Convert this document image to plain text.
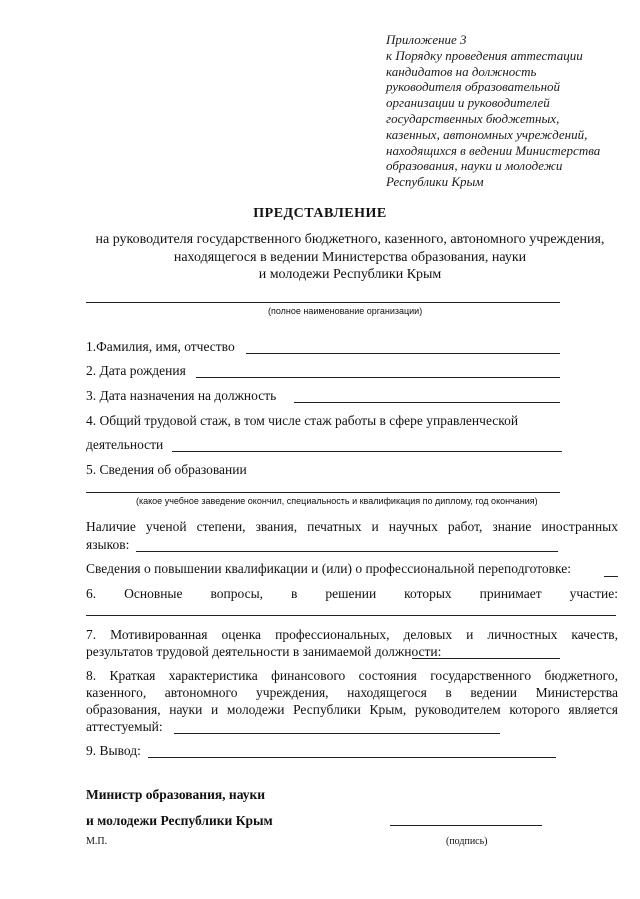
Приложение 3
к Порядку проведения аттестации
кандидатов на должность
руководителя образовательной
организации и руководителей
государственных бюджетных,
казенных, автономных учреждений,
находящихся в ведении Министерства
образования, науки и молодежи
Республики Крым
ПРЕДСТАВЛЕНИЕ
на руководителя государственного бюджетного, казенного, автономного учреждения,
находящегося в ведении Министерства образования, науки
и молодежи Республики Крым
(полное наименование организации)
1.Фамилия, имя, отчество
2. Дата рождения
3. Дата назначения на должность
4. Общий трудовой стаж, в том числе стаж работы в сфере управленческой
деятельности
5. Сведения об образовании
(какое учебное заведение окончил, специальность и квалификация по диплому, год окончания)
Наличие ученой степени, звания, печатных и научных работ, знание иностранных
языков:
Сведения о повышении квалификации и (или) о профессиональной переподготовке:
6. Основные вопросы, в решении которых принимает участие:
7. Мотивированная оценка профессиональных, деловых и личностных качеств,
результатов трудовой деятельности в занимаемой должности:
8. Краткая характеристика финансового состояния государственного бюджетного,
казенного, автономного учреждения, находящегося в ведении Министерства
образования, науки и молодежи Республики Крым, руководителем которого является
аттестуемый:
9. Вывод:
Министр образования, науки
и молодежи Республики Крым
М.П.	(подпись)
